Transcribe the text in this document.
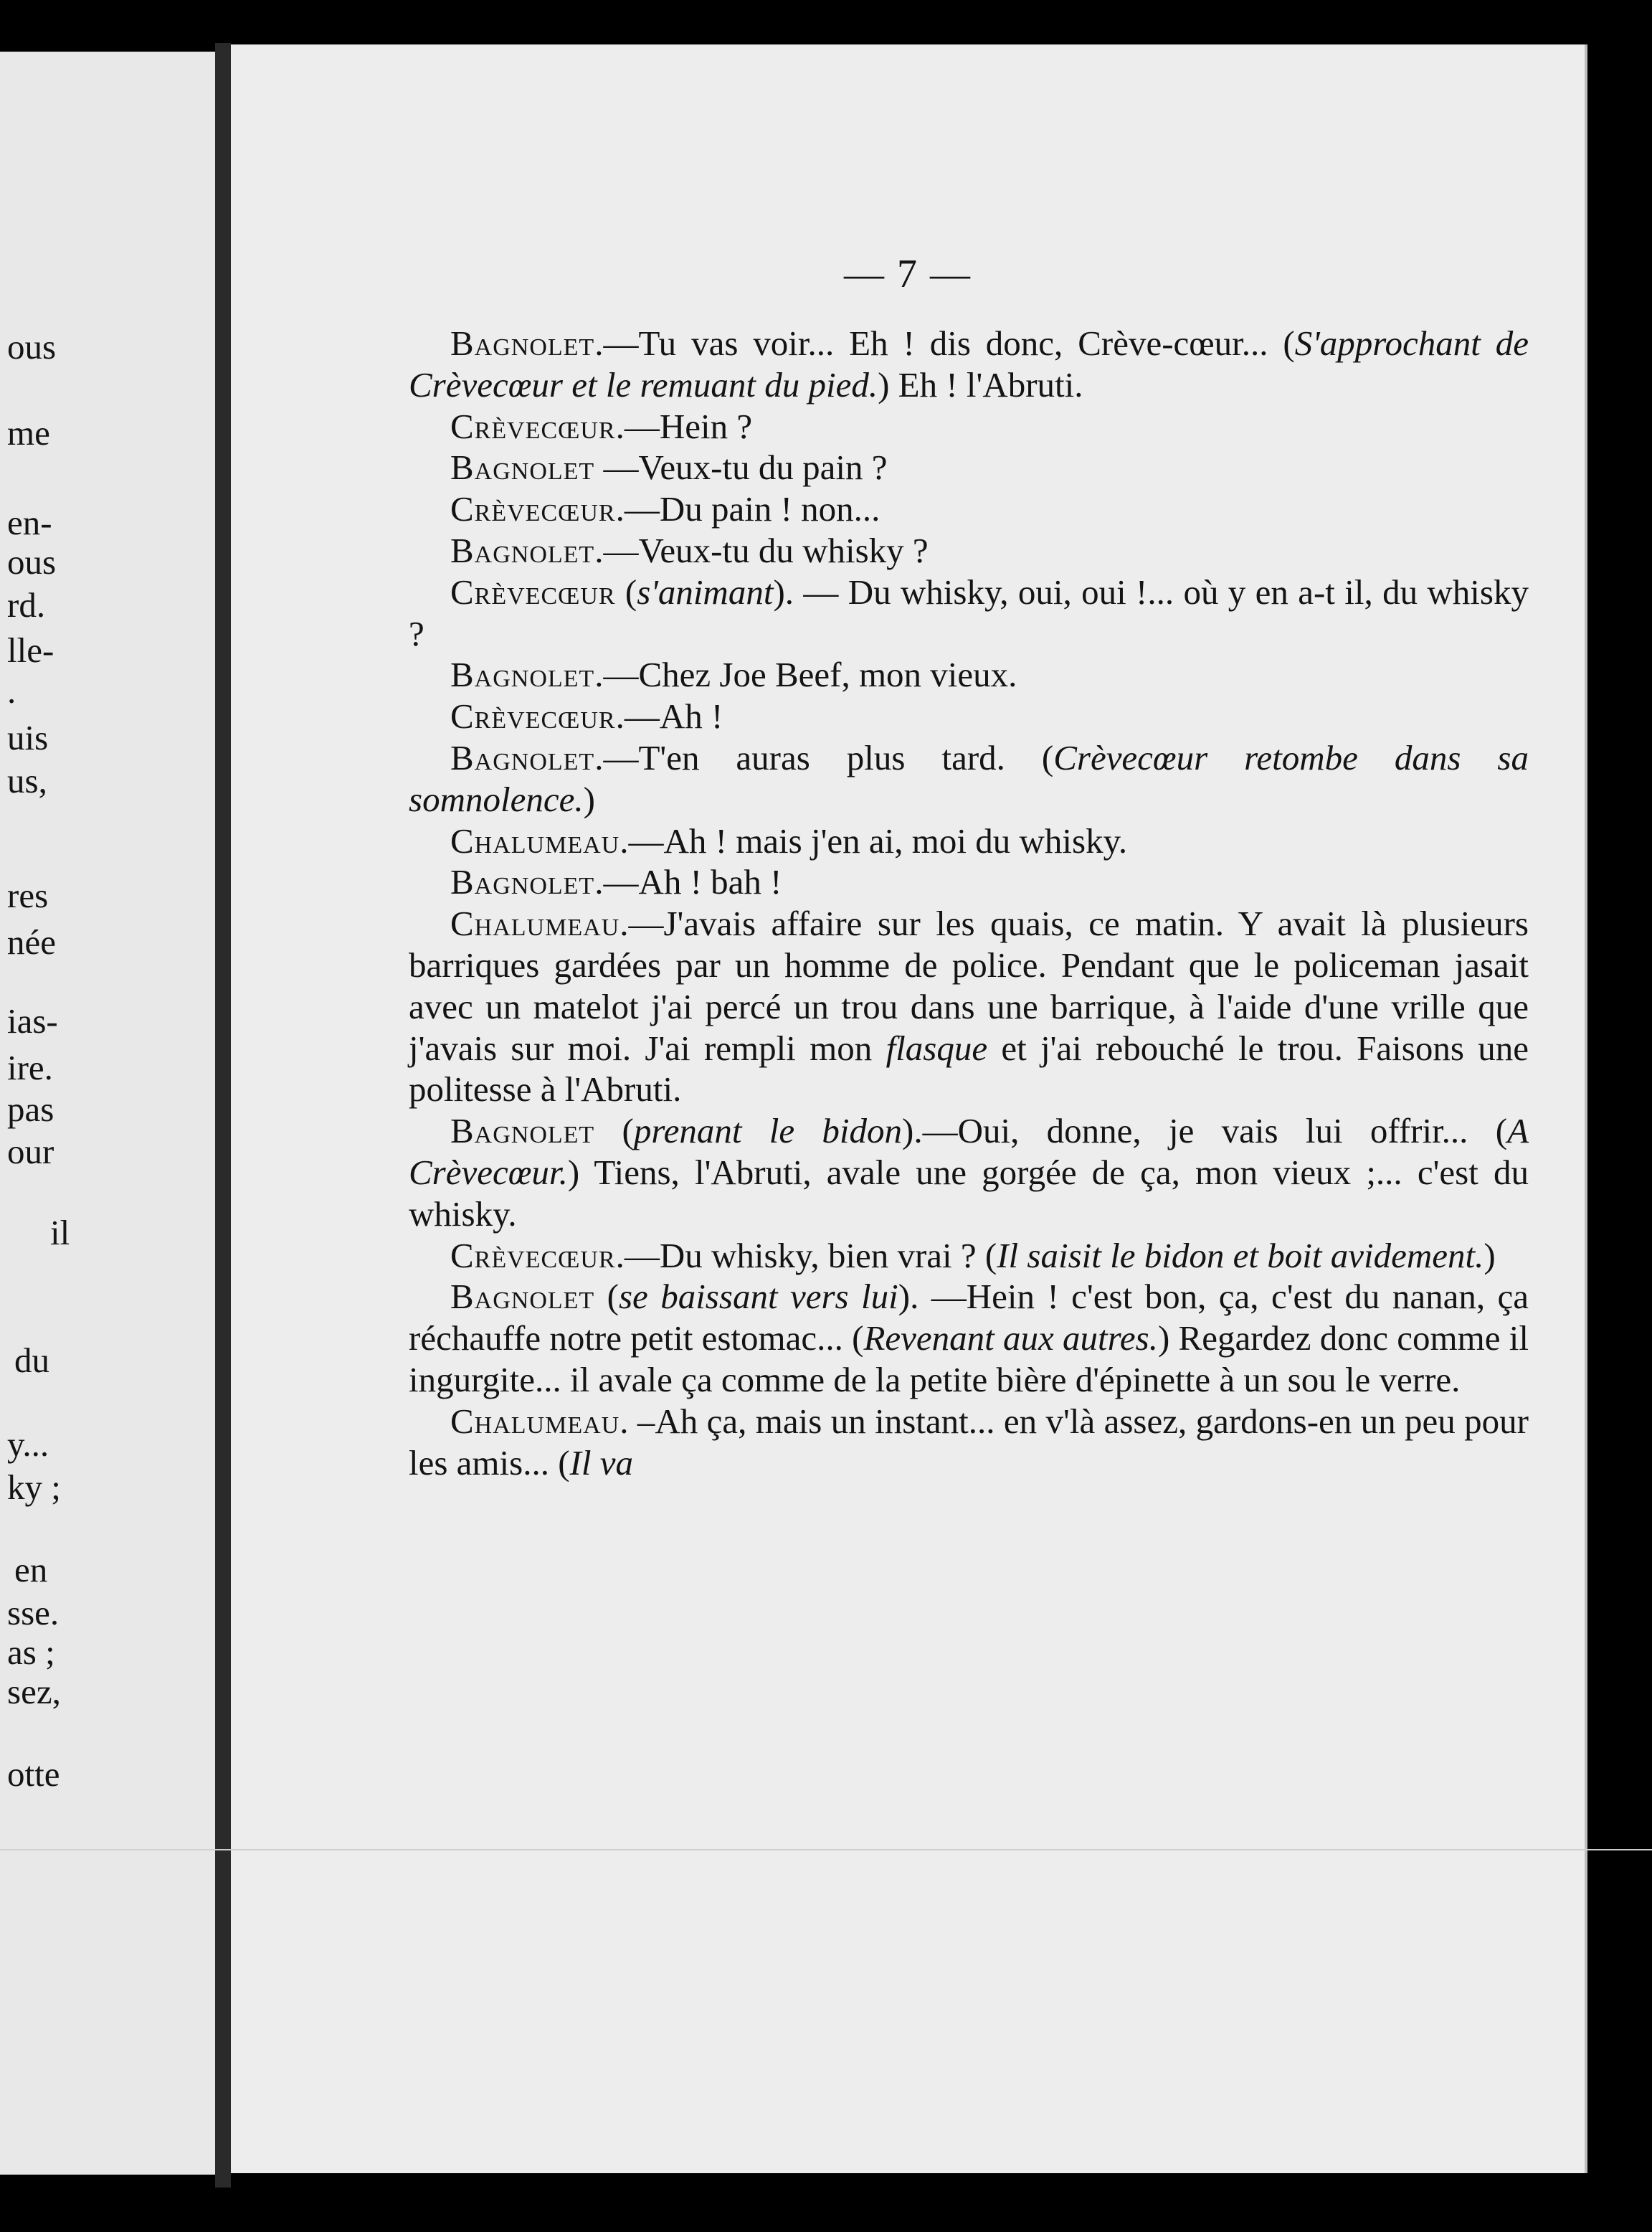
ous
me
en-
ous
rd.
lle-
.
uis
us,
res
née
ias-
ire.
pas
our
il
du
y...
ky ;
en
sse.
as ;
sez,
otte
— 7 —

Bagnolet.—Tu vas voir... Eh ! dis donc, Crève-cœur... (S'approchant de Crèvecœur et le remuant du pied.) Eh ! l'Abruti.

Crèvecœur.—Hein ?

Bagnolet —Veux-tu du pain ?

Crèvecœur.—Du pain ! non...

Bagnolet.—Veux-tu du whisky ?

Crèvecœur (s'animant). — Du whisky, oui, oui !... où y en a-t il, du whisky ?

Bagnolet.—Chez Joe Beef, mon vieux.

Crèvecœur.—Ah !

Bagnolet.—T'en auras plus tard. (Crèvecœur retombe dans sa somnolence.)

Chalumeau.—Ah ! mais j'en ai, moi du whisky.

Bagnolet.—Ah ! bah !

Chalumeau.—J'avais affaire sur les quais, ce matin. Y avait là plusieurs barriques gardées par un homme de police. Pendant que le policeman jasait avec un matelot j'ai percé un trou dans une barrique, à l'aide d'une vrille que j'avais sur moi. J'ai rempli mon flasque et j'ai rebouché le trou. Faisons une politesse à l'Abruti.

Bagnolet (prenant le bidon).—Oui, donne, je vais lui offrir... (A Crèvecœur.) Tiens, l'Abruti, avale une gorgée de ça, mon vieux ;... c'est du whisky.

Crèvecœur.—Du whisky, bien vrai ? (Il saisit le bidon et boit avidement.)

Bagnolet (se baissant vers lui). —Hein ! c'est bon, ça, c'est du nanan, ça réchauffe notre petit estomac... (Revenant aux autres.) Regardez donc comme il ingurgite... il avale ça comme de la petite bière d'épinette à un sou le verre.

Chalumeau. –Ah ça, mais un instant... en v'là assez, gardons-en un peu pour les amis... (Il va
